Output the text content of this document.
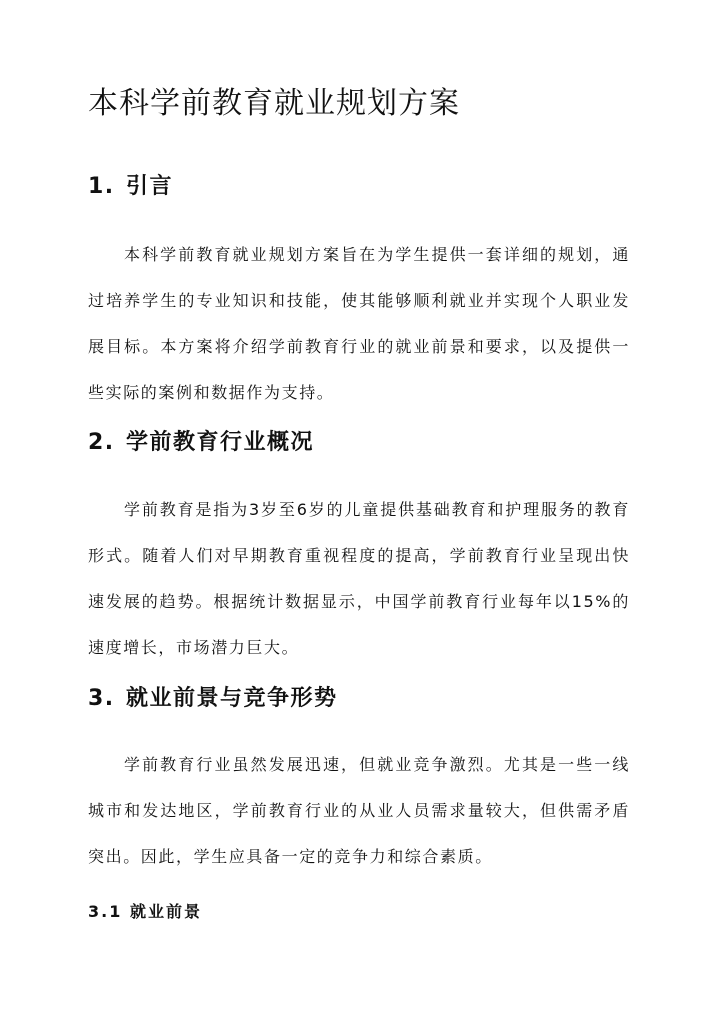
本科学前教育就业规划方案
1. 引言

本科学前教育就业规划方案旨在为学生提供一套详细的规划，通过培养学生的专业知识和技能，使其能够顺利就业并实现个人职业发展目标。本方案将介绍学前教育行业的就业前景和要求，以及提供一些实际的案例和数据作为支持。

2. 学前教育行业概况

学前教育是指为3岁至6岁的儿童提供基础教育和护理服务的教育形式。随着人们对早期教育重视程度的提高，学前教育行业呈现出快速发展的趋势。根据统计数据显示，中国学前教育行业每年以15%的速度增长，市场潜力巨大。

3. 就业前景与竞争形势

学前教育行业虽然发展迅速，但就业竞争激烈。尤其是一些一线城市和发达地区，学前教育行业的从业人员需求量较大，但供需矛盾突出。因此，学生应具备一定的竞争力和综合素质。

3.1 就业前景
